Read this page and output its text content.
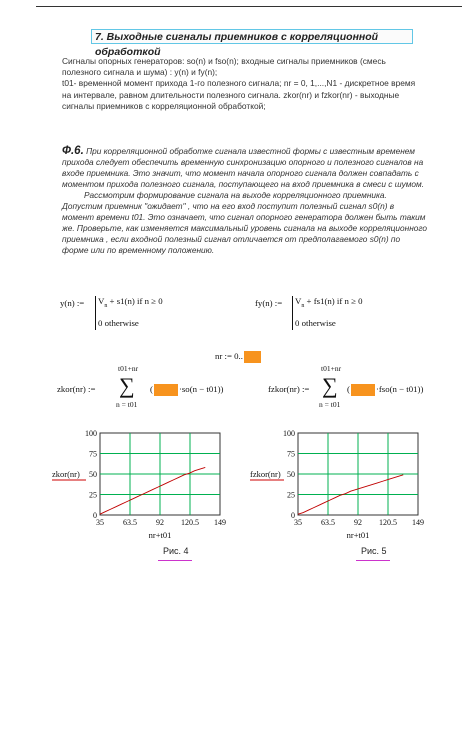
7. Выходные сигналы приемников с корреляционной обработкой

Сигналы опорных генераторов: so(n) и fso(n); входные сигналы приемников (смесь полезного сигнала и шума) : y(n) и fy(n);

t01- временной момент прихода 1-го полезного сигнала; nr = 0, 1,...,N1 - дискретное время на интервале, равном длительности полезного сигнала. zkor(nr) и fzkor(nr) - выходные сигналы приемников с корреляционной обработкой;

Ф.6. При корреляционной обработке сигнала известной формы с известным временем прихода следует обеспечить временную синхронизацию опорного и полезного сигналов на входе приемника. Это значит, что момент начала опорного сигнала должен совпадать с моментом прихода полезного сигнала, поступающего на вход приемника в смеси с шумом.

Рассмотрим формирование сигнала на выходе корреляционного приемника. Допустим приемник "ожидает" , что на его вход поступит полезный сигнал s0(n) в момент времени t01. Это означает, что сигнал опорного генератора должен быть таким же. Проверьте, как изменяется максимальный уровень сигнала на выходе корреляционного приемника , если входной полезный сигнал отличается от предполагаемого s0(n) по форме или по временному положению.

y(n) := $V_n + s1(n)$ if n ≥ 0
0 otherwise
fy(n) := $V_n + fs1(n)$ if n ≥ 0
0 otherwise
nr := 0..
zkor(nr) :=
t01+nr
∑
n = t01
(	·so(n − t01))	fzkor(nr) :=
t01+nr
∑
n = t01
(	·fso(n − t01))
35 63.5 92 120.5 149
0
25
50
75
100
zkor(nr)
nr+t01
35 63.5 92 120.5 149
0
25
50
75
100
fzkor(nr)
nr+t01
Рис. 4	Рис. 5
